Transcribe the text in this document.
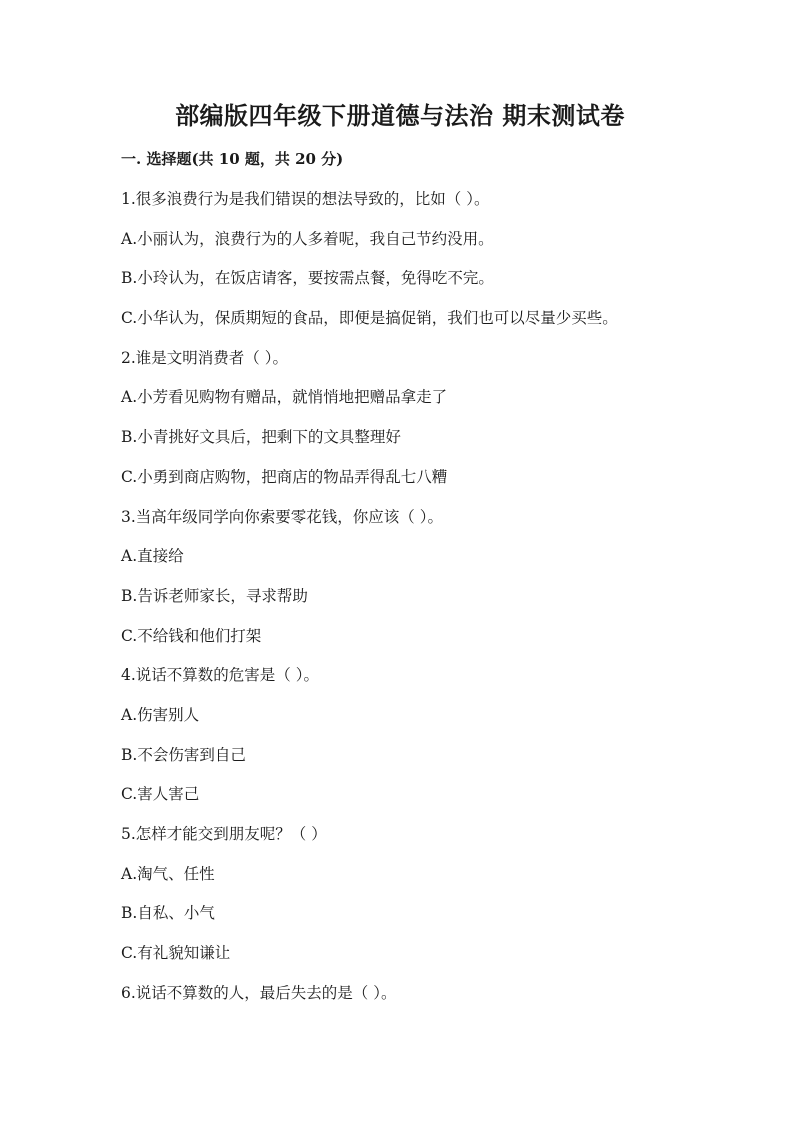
部编版四年级下册道德与法治 期末测试卷
一. 选择题(共 10 题，共 20 分)
1.很多浪费行为是我们错误的想法导致的，比如（ ）。
A.小丽认为，浪费行为的人多着呢，我自己节约没用。
B.小玲认为，在饭店请客，要按需点餐，免得吃不完。
C.小华认为，保质期短的食品，即便是搞促销，我们也可以尽量少买些。
2.谁是文明消费者（ ）。
A.小芳看见购物有赠品，就悄悄地把赠品拿走了
B.小青挑好文具后，把剩下的文具整理好
C.小勇到商店购物，把商店的物品弄得乱七八糟
3.当高年级同学向你索要零花钱，你应该（ ）。
A.直接给
B.告诉老师家长，寻求帮助
C.不给钱和他们打架
4.说话不算数的危害是（ ）。
A.伤害别人
B.不会伤害到自己
C.害人害己
5.怎样才能交到朋友呢？（ ）
A.淘气、任性
B.自私、小气
C.有礼貌知谦让
6.说话不算数的人，最后失去的是（ ）。
